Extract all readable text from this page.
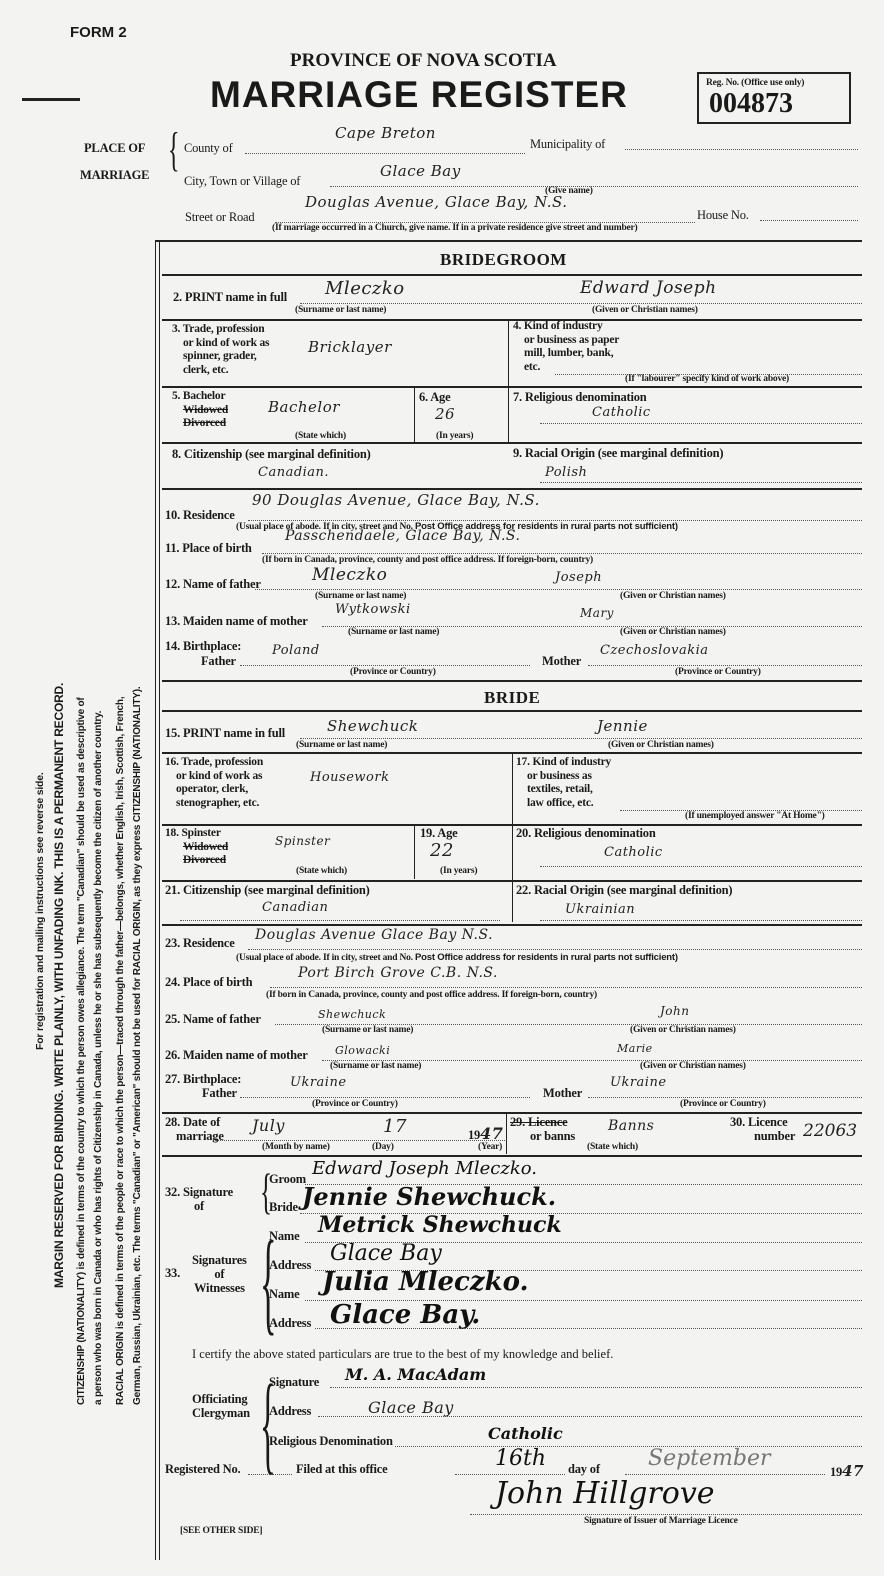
FORM 2
PROVINCE OF NOVA SCOTIA
MARRIAGE REGISTER	Reg. No. (Office use only)
004873
For registration and mailing instructions see reverse side. MARGIN RESERVED FOR BINDING. WRITE PLAINLY, WITH UNFADING INK. THIS IS A PERMANENT RECORD. CITIZENSHIP (NATIONALITY) is defined in terms of the country to which the person owes allegiance. The term "Canadian" should be used as descriptive of a person who was born in Canada or who has rights of Citizenship in Canada, unless he or she has subsequently become the citizen of another country. RACIAL ORIGIN is defined in terms of the people or race to which the person—traced through the father—belongs, whether English, Irish, Scottish, French, German, Russian, Ukrainian, etc. The terms "Canadian" or "American" should not be used for RACIAL ORIGIN, as they express CITIZENSHIP (NATIONALITY).
PLACE OF
MARRIAGE { County of
Cape Breton
Municipality of
City, Town or Village of
Glace Bay
(Give name)
Street or Road
Douglas Avenue, Glace Bay, N.S.
House No.
(If marriage occurred in a Church, give name. If in a private residence give street and number)
BRIDEGROOM
2. PRINT name in full Mleczko	Edward Joseph
(Surname or last name)	(Given or Christian names)
3. Trade, profession
or kind of work as
spinner, grader,
clerk, etc.
Bricklayer
4. Kind of industry
or business as paper
mill, lumber, bank,
etc.
(If "labourer" specify kind of work above)
5. Bachelor
Widowed
Divorced
Bachelor
(State which)
6. Age
26
(In years)
7. Religious denomination
Catholic
8. Citizenship (see marginal definition)
Canadian.
9. Racial Origin (see marginal definition)
Polish
10. Residence
90 Douglas Avenue, Glace Bay, N.S.
(Usual place of abode. If in city, street and No. Post Office address for residents in rural parts not sufficient)
11. Place of birth
Passchendaele, Glace Bay, N.S.
(If born in Canada, province, county and post office address. If foreign-born, country)
12. Name of father	Mleczko	Joseph
(Surname or last name)	(Given or Christian names)
13. Maiden name of mother
Wytkowski	Mary
(Surname or last name)	(Given or Christian names)
14. Birthplace:
Father
Poland
Mother
Czechoslovakia
(Province or Country)	(Province or Country)
BRIDE
15. PRINT name in full	Shewchuck	Jennie
(Surname or last name)	(Given or Christian names)
16. Trade, profession
or kind of work as
operator, clerk,
stenographer, etc.
Housework
17. Kind of industry
or business as
textiles, retail,
law office, etc.
(If unemployed answer "At Home")
18. Spinster
Widowed
Divorced
Spinster
(State which)
19. Age
22
(In years)
20. Religious denomination
Catholic
21. Citizenship (see marginal definition)
Canadian
22. Racial Origin (see marginal definition)
Ukrainian
23. Residence Douglas Avenue Glace Bay N.S.
(Usual place of abode. If in city, street and No. Post Office address for residents in rural parts not sufficient)
24. Place of birth
Port Birch Grove C.B. N.S.
(If born in Canada, province, county and post office address. If foreign-born, country)
25. Name of father	Shewchuck	John
(Surname or last name)	(Given or Christian names)
26. Maiden name of mother Glowacki	Marie
(Surname or last name)	(Given or Christian names)
27. Birthplace:
Father
Ukraine
Mother
Ukraine
(Province or Country)	(Province or Country)
28. Date of
marriage
July	17	1947
(Month by name)	(Day)	(Year)
29. Licence
or banns
Banns
(State which)
30. Licence
number 22063
32. Signature
of	{
Groom Edward Joseph Mleczko.
Bride Jennie Shewchuck.
33.
Signatures
of
Witnesses {
Name Metrick Shewchuck
Address Glace Bay
Name Julia Mleczko.
Address Glace Bay.
I certify the above stated particulars are true to the best of my knowledge and belief.
Officiating
Clergyman {
Signature M. A. MacAdam
Address	Glace Bay
Religious Denomination	Catholic
Registered No.	Filed at this office	16th day of September
1947
John Hillgrove
Signature of Issuer of Marriage Licence
[SEE OTHER SIDE]
